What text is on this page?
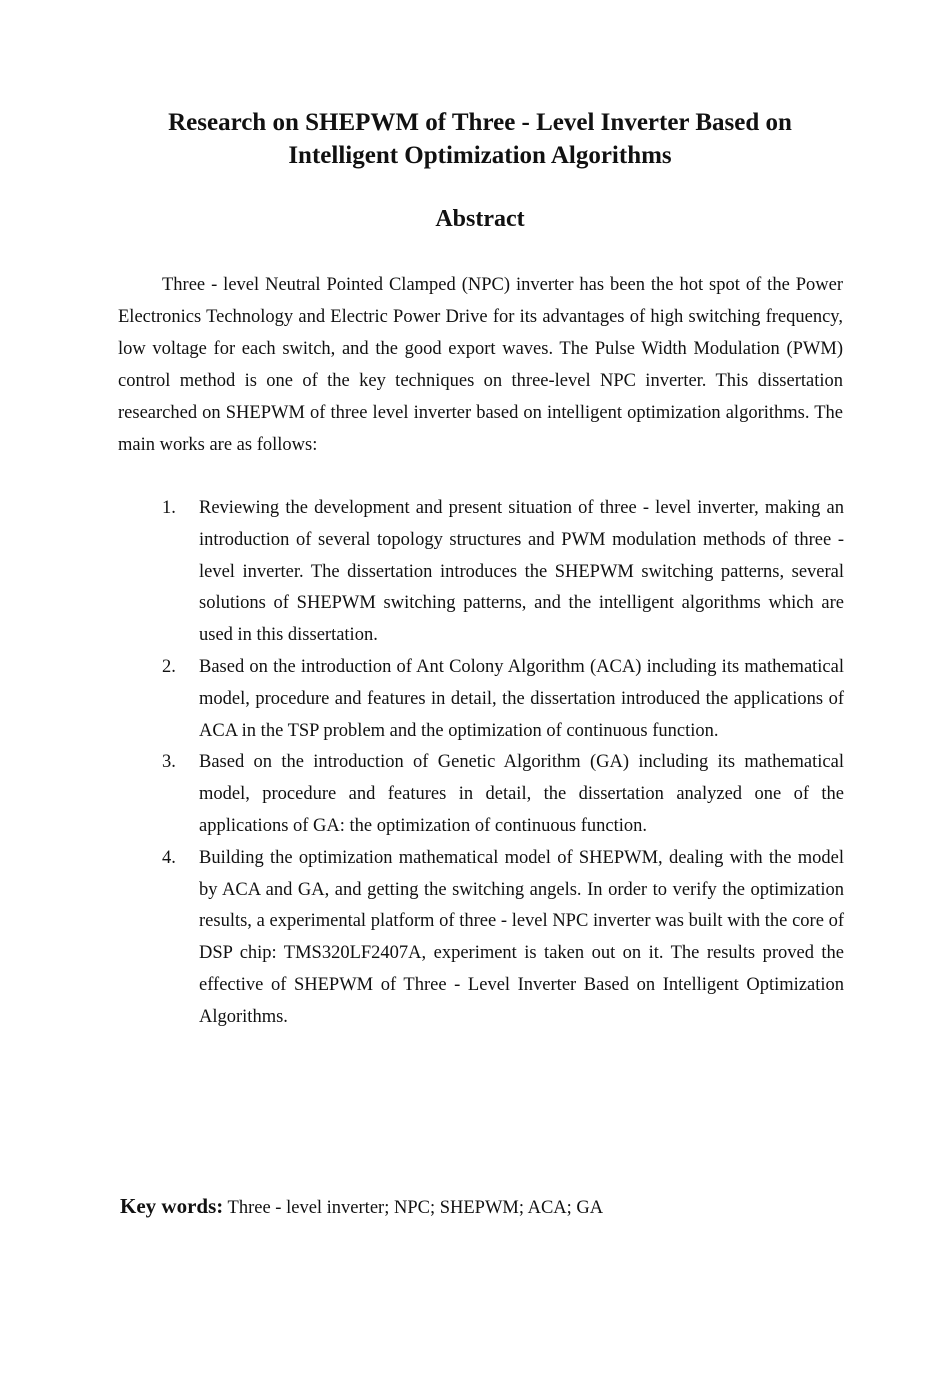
Research on SHEPWM of Three - Level Inverter Based on
Intelligent Optimization Algorithms
Abstract

Three - level Neutral Pointed Clamped (NPC) inverter has been the hot spot of the Power Electronics Technology and Electric Power Drive for its advantages of high switching frequency, low voltage for each switch, and the good export waves. The Pulse Width Modulation (PWM) control method is one of the key techniques on three-level NPC inverter. This dissertation researched on SHEPWM of three level inverter based on intelligent optimization algorithms. The main works are as follows:

1. Reviewing the development and present situation of three - level inverter, making an introduction of several topology structures and PWM modulation methods of three - level inverter. The dissertation introduces the SHEPWM switching patterns, several solutions of SHEPWM switching patterns, and the intelligent algorithms which are used in this dissertation.
2. Based on the introduction of Ant Colony Algorithm (ACA) including its mathematical model, procedure and features in detail, the dissertation introduced the applications of ACA in the TSP problem and the optimization of continuous function.
3. Based on the introduction of Genetic Algorithm (GA) including its mathematical model, procedure and features in detail, the dissertation analyzed one of the applications of GA: the optimization of continuous function.
4. Building the optimization mathematical model of SHEPWM, dealing with the model by ACA and GA, and getting the switching angels. In order to verify the optimization results, a experimental platform of three - level NPC inverter was built with the core of DSP chip: TMS320LF2407A, experiment is taken out on it. The results proved the effective of SHEPWM of Three - Level Inverter Based on Intelligent Optimization Algorithms.
Key words: Three - level inverter; NPC; SHEPWM; ACA; GA
